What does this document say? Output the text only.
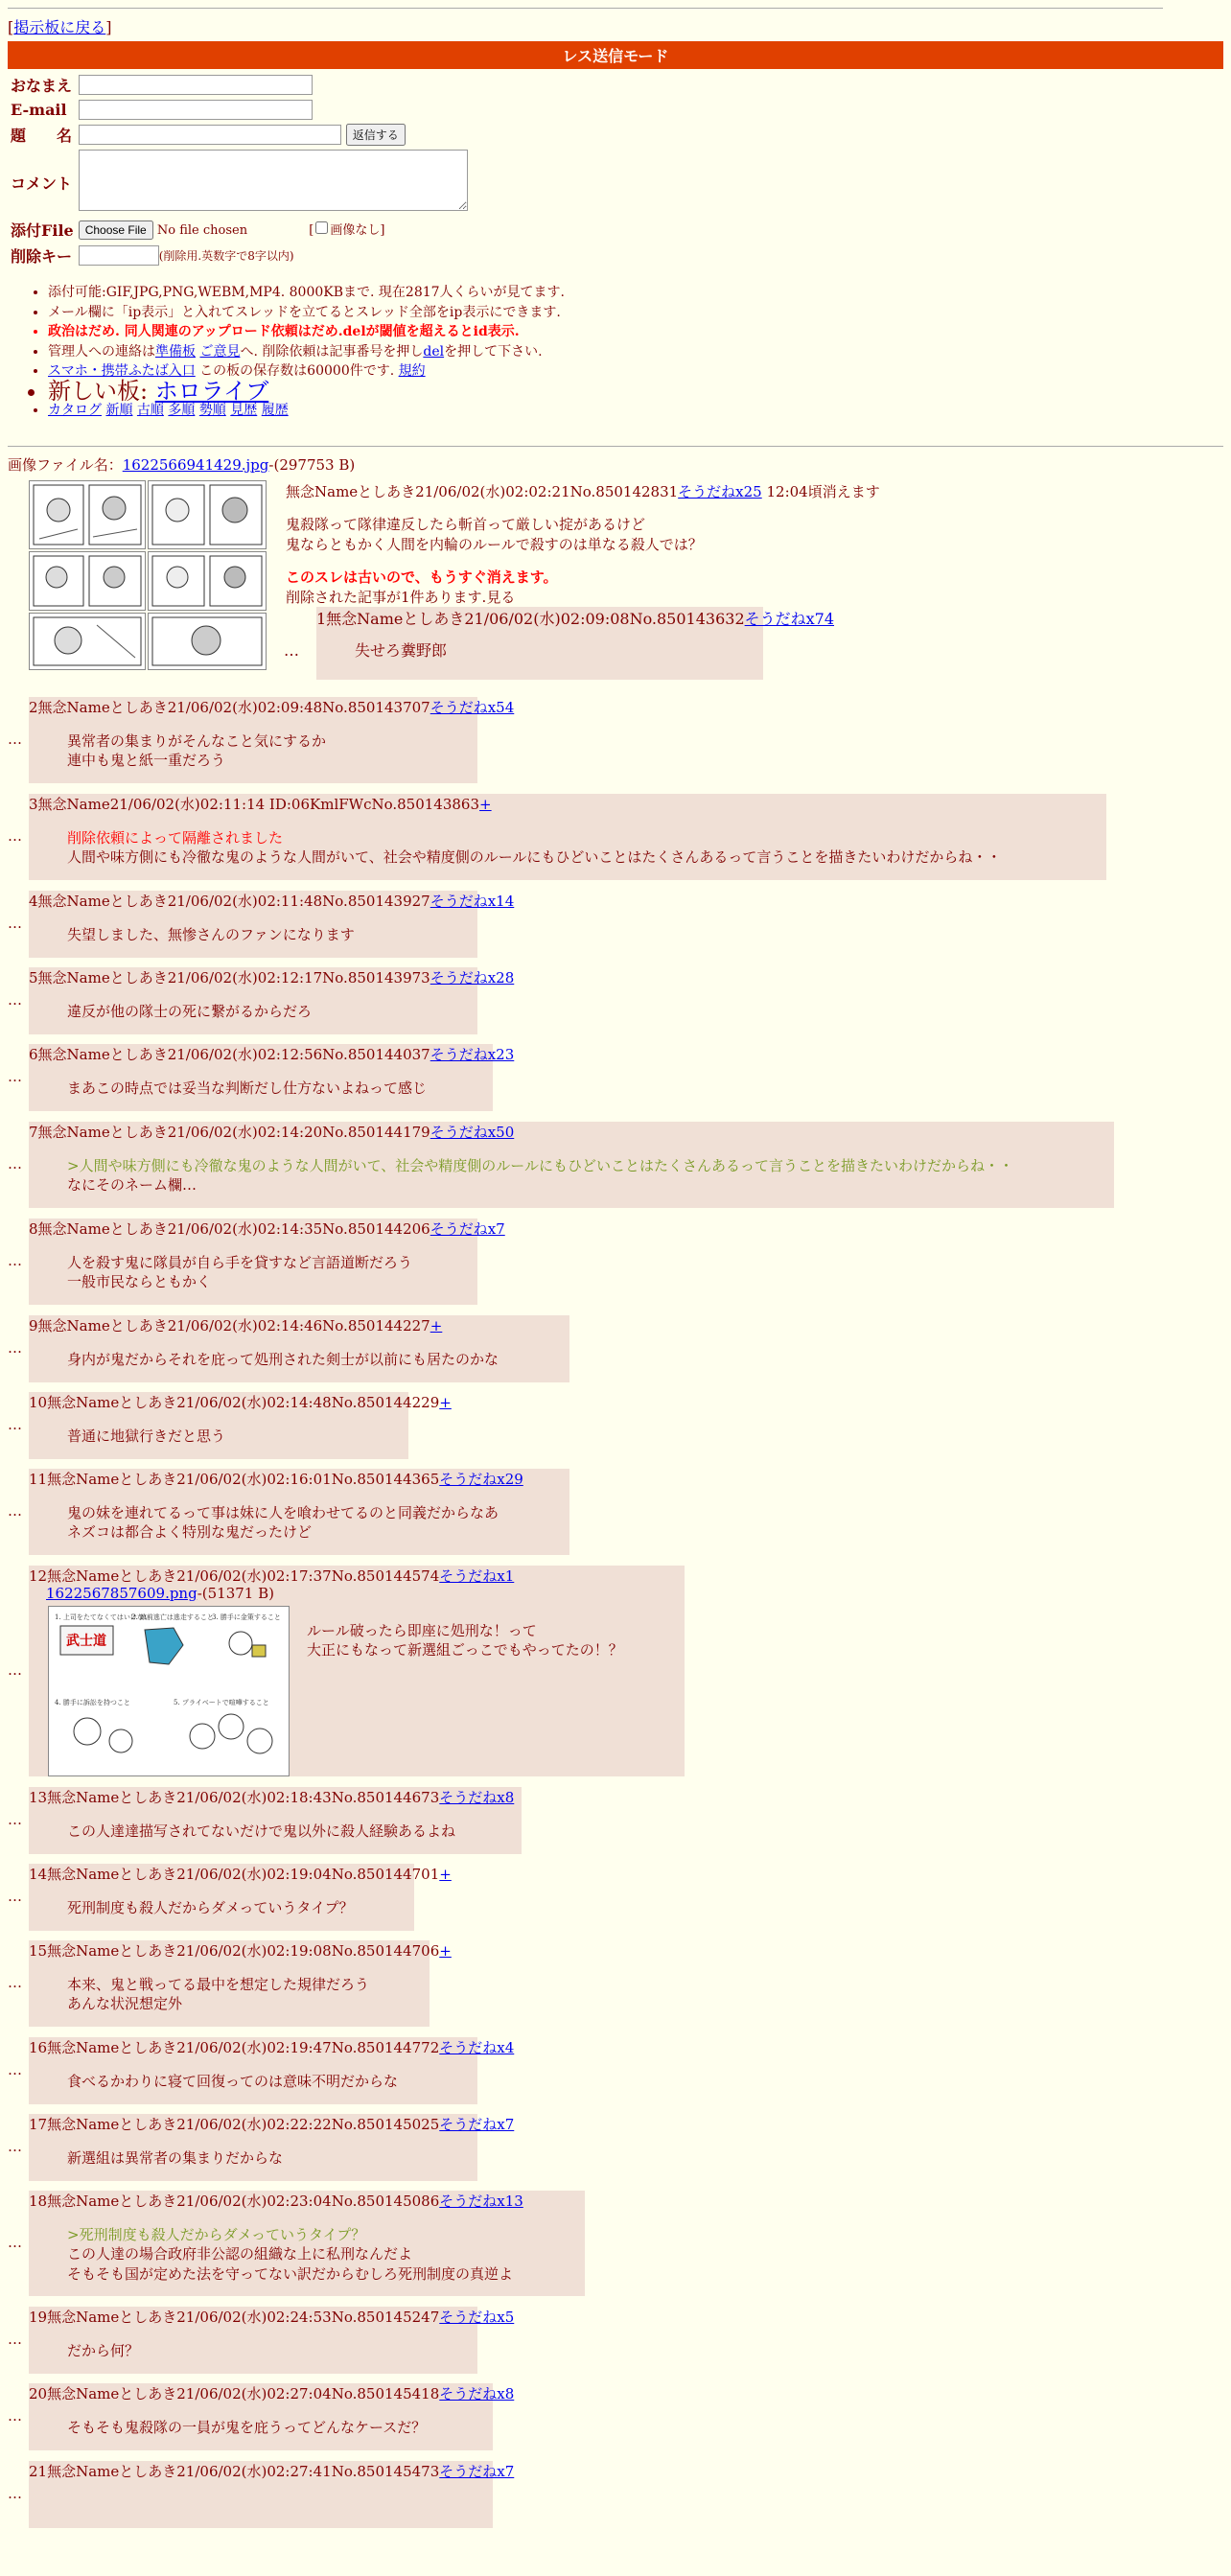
[掲示板に戻る]
レス送信モード
おなまえ	
E-mail	
題　　名	返信する
コメント	
添付File	Choose File No file chosen [ 画像なし]
削除キー	(削除用.英数字で8字以内)
• 添付可能:GIF,JPG,PNG,WEBM,MP4. 8000KBまで. 現在2817人くらいが見てます.
• メール欄に「ip表示」と入れてスレッドを立てるとスレッド全部をip表示にできます.
• 政治はだめ. 同人関連のアップロード依頼はだめ.delが閾値を超えるとid表示.
• 管理人への連絡は準備板 ご意見へ. 削除依頼は記事番号を押しdelを押して下さい.
• スマホ・携帯ふたば入口 この板の保存数は60000件です. 規約
• 新しい板: ホロライブ
• カタログ 新順 古順 多順 勢順 見歴 履歴
画像ファイル名：1622566941429.jpg-(297753 B)
無念Nameとしあき21/06/02(水)02:02:21No.850142831そうだねx25 12:04頃消えます
鬼殺隊って隊律違反したら斬首って厳しい掟があるけど
鬼ならともかく人間を内輪のルールで殺すのは単なる殺人では？
このスレは古いので、もうすぐ消えます。
削除された記事が1件あります.見る
…
1無念Nameとしあき21/06/02(水)02:09:08No.850143632そうだねx74
失せろ糞野郎
…
2無念Nameとしあき21/06/02(水)02:09:48No.850143707そうだねx54
異常者の集まりがそんなこと気にするか
連中も鬼と紙一重だろう
…
3無念Name21/06/02(水)02:11:14 ID:06KmlFWcNo.850143863+
削除依頼によって隔離されました
人間や味方側にも冷徹な鬼のような人間がいて、社会や精度側のルールにもひどいことはたくさんあるって言うことを描きたいわけだからね・・
…
4無念Nameとしあき21/06/02(水)02:11:48No.850143927そうだねx14
失望しました、無惨さんのファンになります
…
5無念Nameとしあき21/06/02(水)02:12:17No.850143973そうだねx28
違反が他の隊士の死に繋がるからだろ
…
6無念Nameとしあき21/06/02(水)02:12:56No.850144037そうだねx23
まあこの時点では妥当な判断だし仕方ないよねって感じ
…
7無念Nameとしあき21/06/02(水)02:14:20No.850144179そうだねx50
>人間や味方側にも冷徹な鬼のような人間がいて、社会や精度側のルールにもひどいことはたくさんあるって言うことを描きたいわけだからね・・
なにそのネーム欄…
…
8無念Nameとしあき21/06/02(水)02:14:35No.850144206そうだねx7
人を殺す鬼に隊員が自ら手を貸すなど言語道断だろう
一般市民ならともかく
…
9無念Nameとしあき21/06/02(水)02:14:46No.850144227+
身内が鬼だからそれを庇って処刑された剣士が以前にも居たのかな
…
10無念Nameとしあき21/06/02(水)02:14:48No.850144229+
普通に地獄行きだと思う
…
11無念Nameとしあき21/06/02(水)02:16:01No.850144365そうだねx29
鬼の妹を連れてるって事は妹に人を喰わせてるのと同義だからなあ
ネズコは都合よく特別な鬼だったけど
…
12無念Nameとしあき21/06/02(水)02:17:37No.850144574そうだねx1
1622567857609.png-(51371 B)
1. 上司をたてなくてはいけない
武士道
2. 敵前逃亡は逃走すること
3. 勝手に金策すること
4. 勝手に訴訟を持つこと	5. プライベートで喧嘩すること
ルール破ったら即座に処刑な！って
大正にもなって新選組ごっこでもやってたの！？
…
13無念Nameとしあき21/06/02(水)02:18:43No.850144673そうだねx8
この人達達描写されてないだけで鬼以外に殺人経験あるよね
…
14無念Nameとしあき21/06/02(水)02:19:04No.850144701+
死刑制度も殺人だからダメっていうタイプ？
…
15無念Nameとしあき21/06/02(水)02:19:08No.850144706+
本来、鬼と戦ってる最中を想定した規律だろう
あんな状況想定外
…
16無念Nameとしあき21/06/02(水)02:19:47No.850144772そうだねx4
食べるかわりに寝て回復ってのは意味不明だからな
…
17無念Nameとしあき21/06/02(水)02:22:22No.850145025そうだねx7
新選組は異常者の集まりだからな
…
18無念Nameとしあき21/06/02(水)02:23:04No.850145086そうだねx13
>死刑制度も殺人だからダメっていうタイプ？
この人達の場合政府非公認の組織な上に私刑なんだよ
そもそも国が定めた法を守ってない訳だからむしろ死刑制度の真逆よ
…
19無念Nameとしあき21/06/02(水)02:24:53No.850145247そうだねx5
だから何？
…
20無念Nameとしあき21/06/02(水)02:27:04No.850145418そうだねx8
そもそも鬼殺隊の一員が鬼を庇うってどんなケースだ？
…
21無念Nameとしあき21/06/02(水)02:27:41No.850145473そうだねx7
